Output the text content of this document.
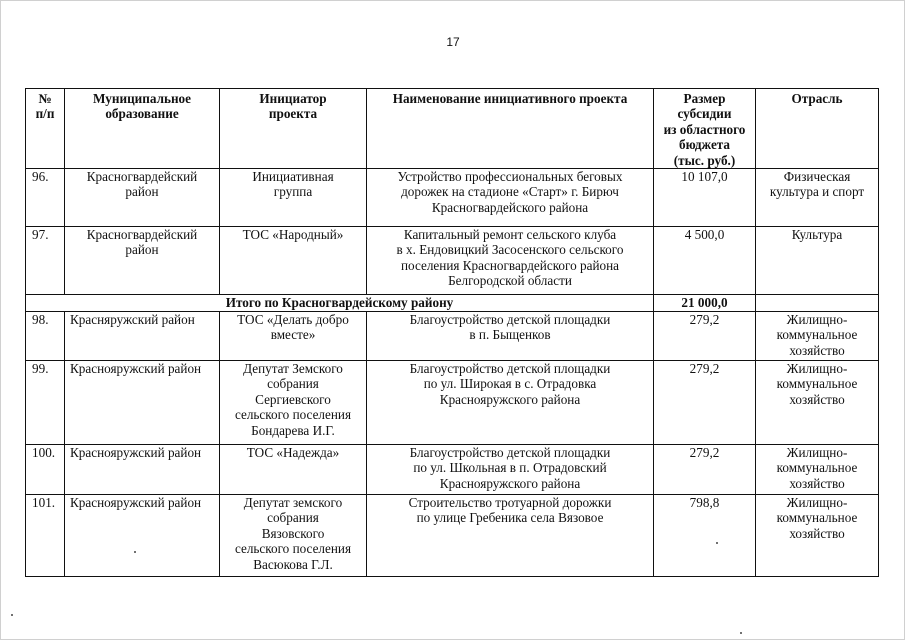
17
№
п/п	Муниципальное
образование	Инициатор
проекта	Наименование инициативного проекта	Размер
субсидии
из областного
бюджета
(тыс. руб.)	Отрасль
96.	Красногвардейский
район	Инициативная
группа	Устройство профессиональных беговых
дорожек на стадионе «Старт» г. Бирюч
Красногвардейского района	10 107,0	Физическая
культура и спорт
97.	Красногвардейский
район	ТОС «Народный»	Капитальный ремонт сельского клуба
в х. Ендовицкий Засосенского сельского
поселения Красногвардейского района
Белгородской области	4 500,0	Культура
Итого по Красногвардейскому району				21 000,0	
98.	Красняружский район	ТОС «Делать добро
вместе»	Благоустройство детской площадки
в п. Быщенков	279,2	Жилищно-
коммунальное
хозяйство
99.	Краснояружский район	Депутат Земского
собрания
Сергиевского
сельского поселения
Бондарева И.Г.	Благоустройство детской площадки
по ул. Широкая в с. Отрадовка
Краснояружского района	279,2	Жилищно-
коммунальное
хозяйство
100.	Краснояружский район	ТОС «Надежда»	Благоустройство детской площадки
по ул. Школьная в п. Отрадовский
Краснояружского района	279,2	Жилищно-
коммунальное
хозяйство
101.	Краснояружский район	Депутат земского
собрания
Вязовского
сельского поселения
Васюкова Г.Л.	Строительство тротуарной дорожки
по улице Гребеника села Вязовое	798,8	Жилищно-
коммунальное
хозяйство
